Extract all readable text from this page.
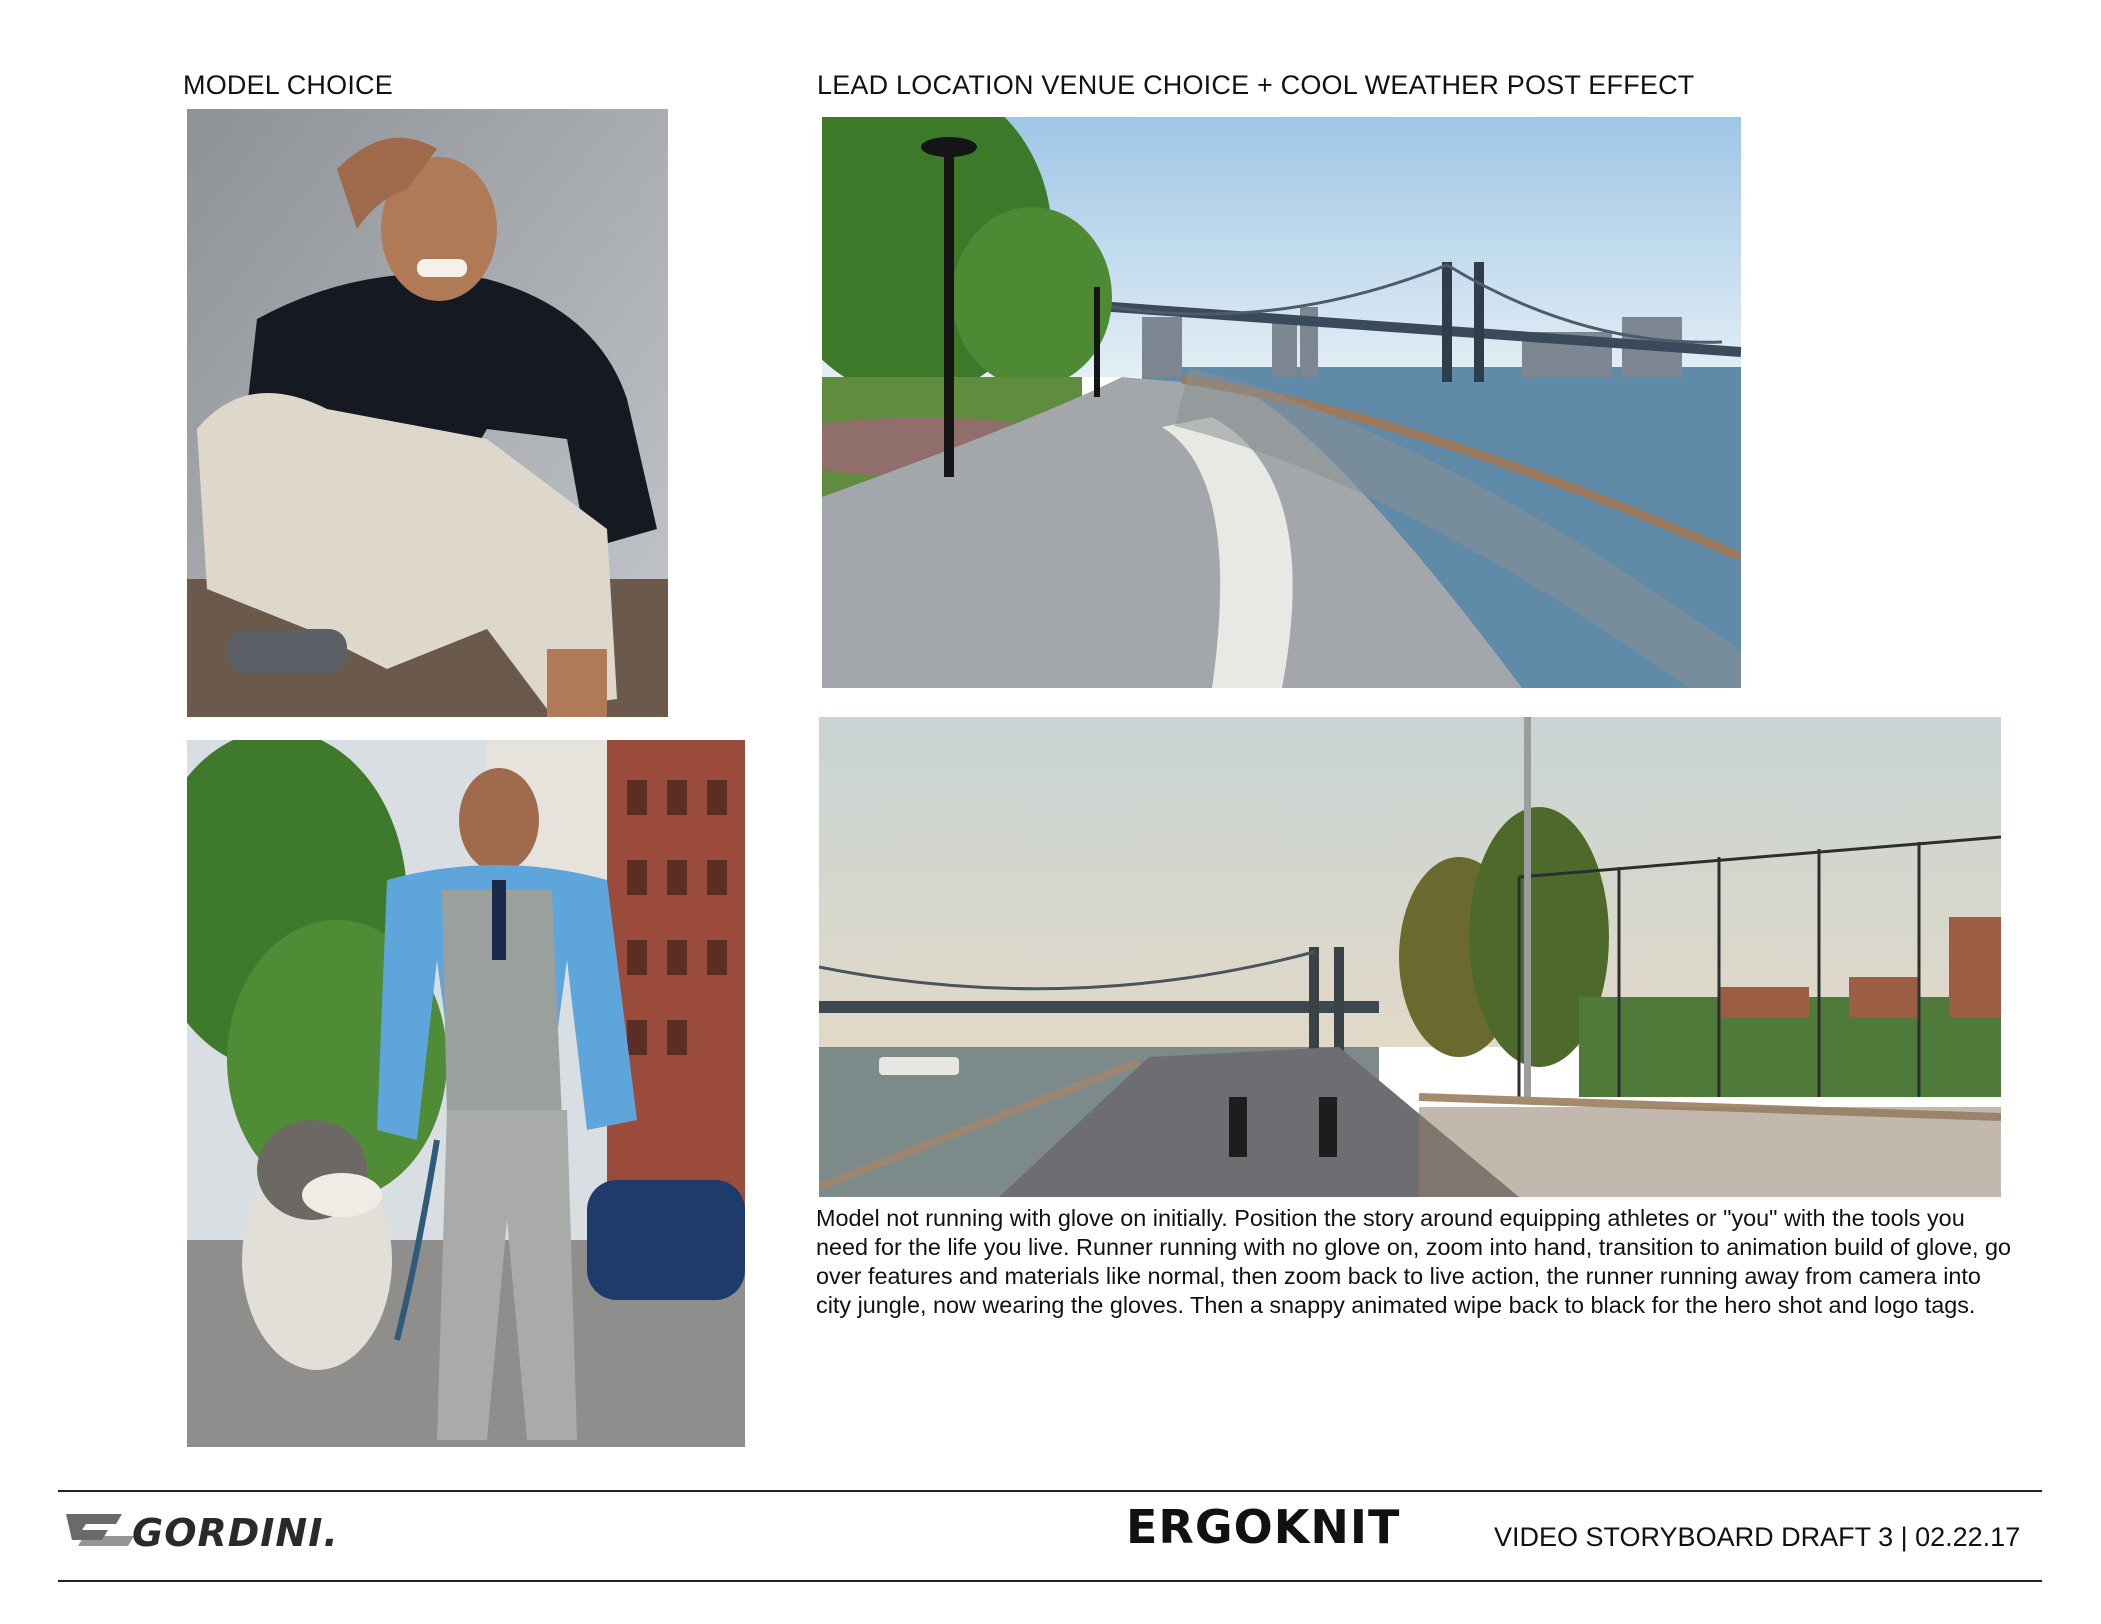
MODEL CHOICE	LEAD LOCATION VENUE CHOICE + COOL WEATHER POST EFFECT
Model not running with glove on initially. Position the story around equipping athletes or "you" with the tools you need for the life you live. Runner running with no glove on, zoom into hand, transition to animation build of glove, go over features and materials like normal, then zoom back to live action, the runner running away from camera into city jungle, now wearing the gloves. Then a snappy animated wipe back to black for the hero shot and logo tags.
GORDINI.	ERGOKNIT	VIDEO STORYBOARD DRAFT 3 | 02.22.17
